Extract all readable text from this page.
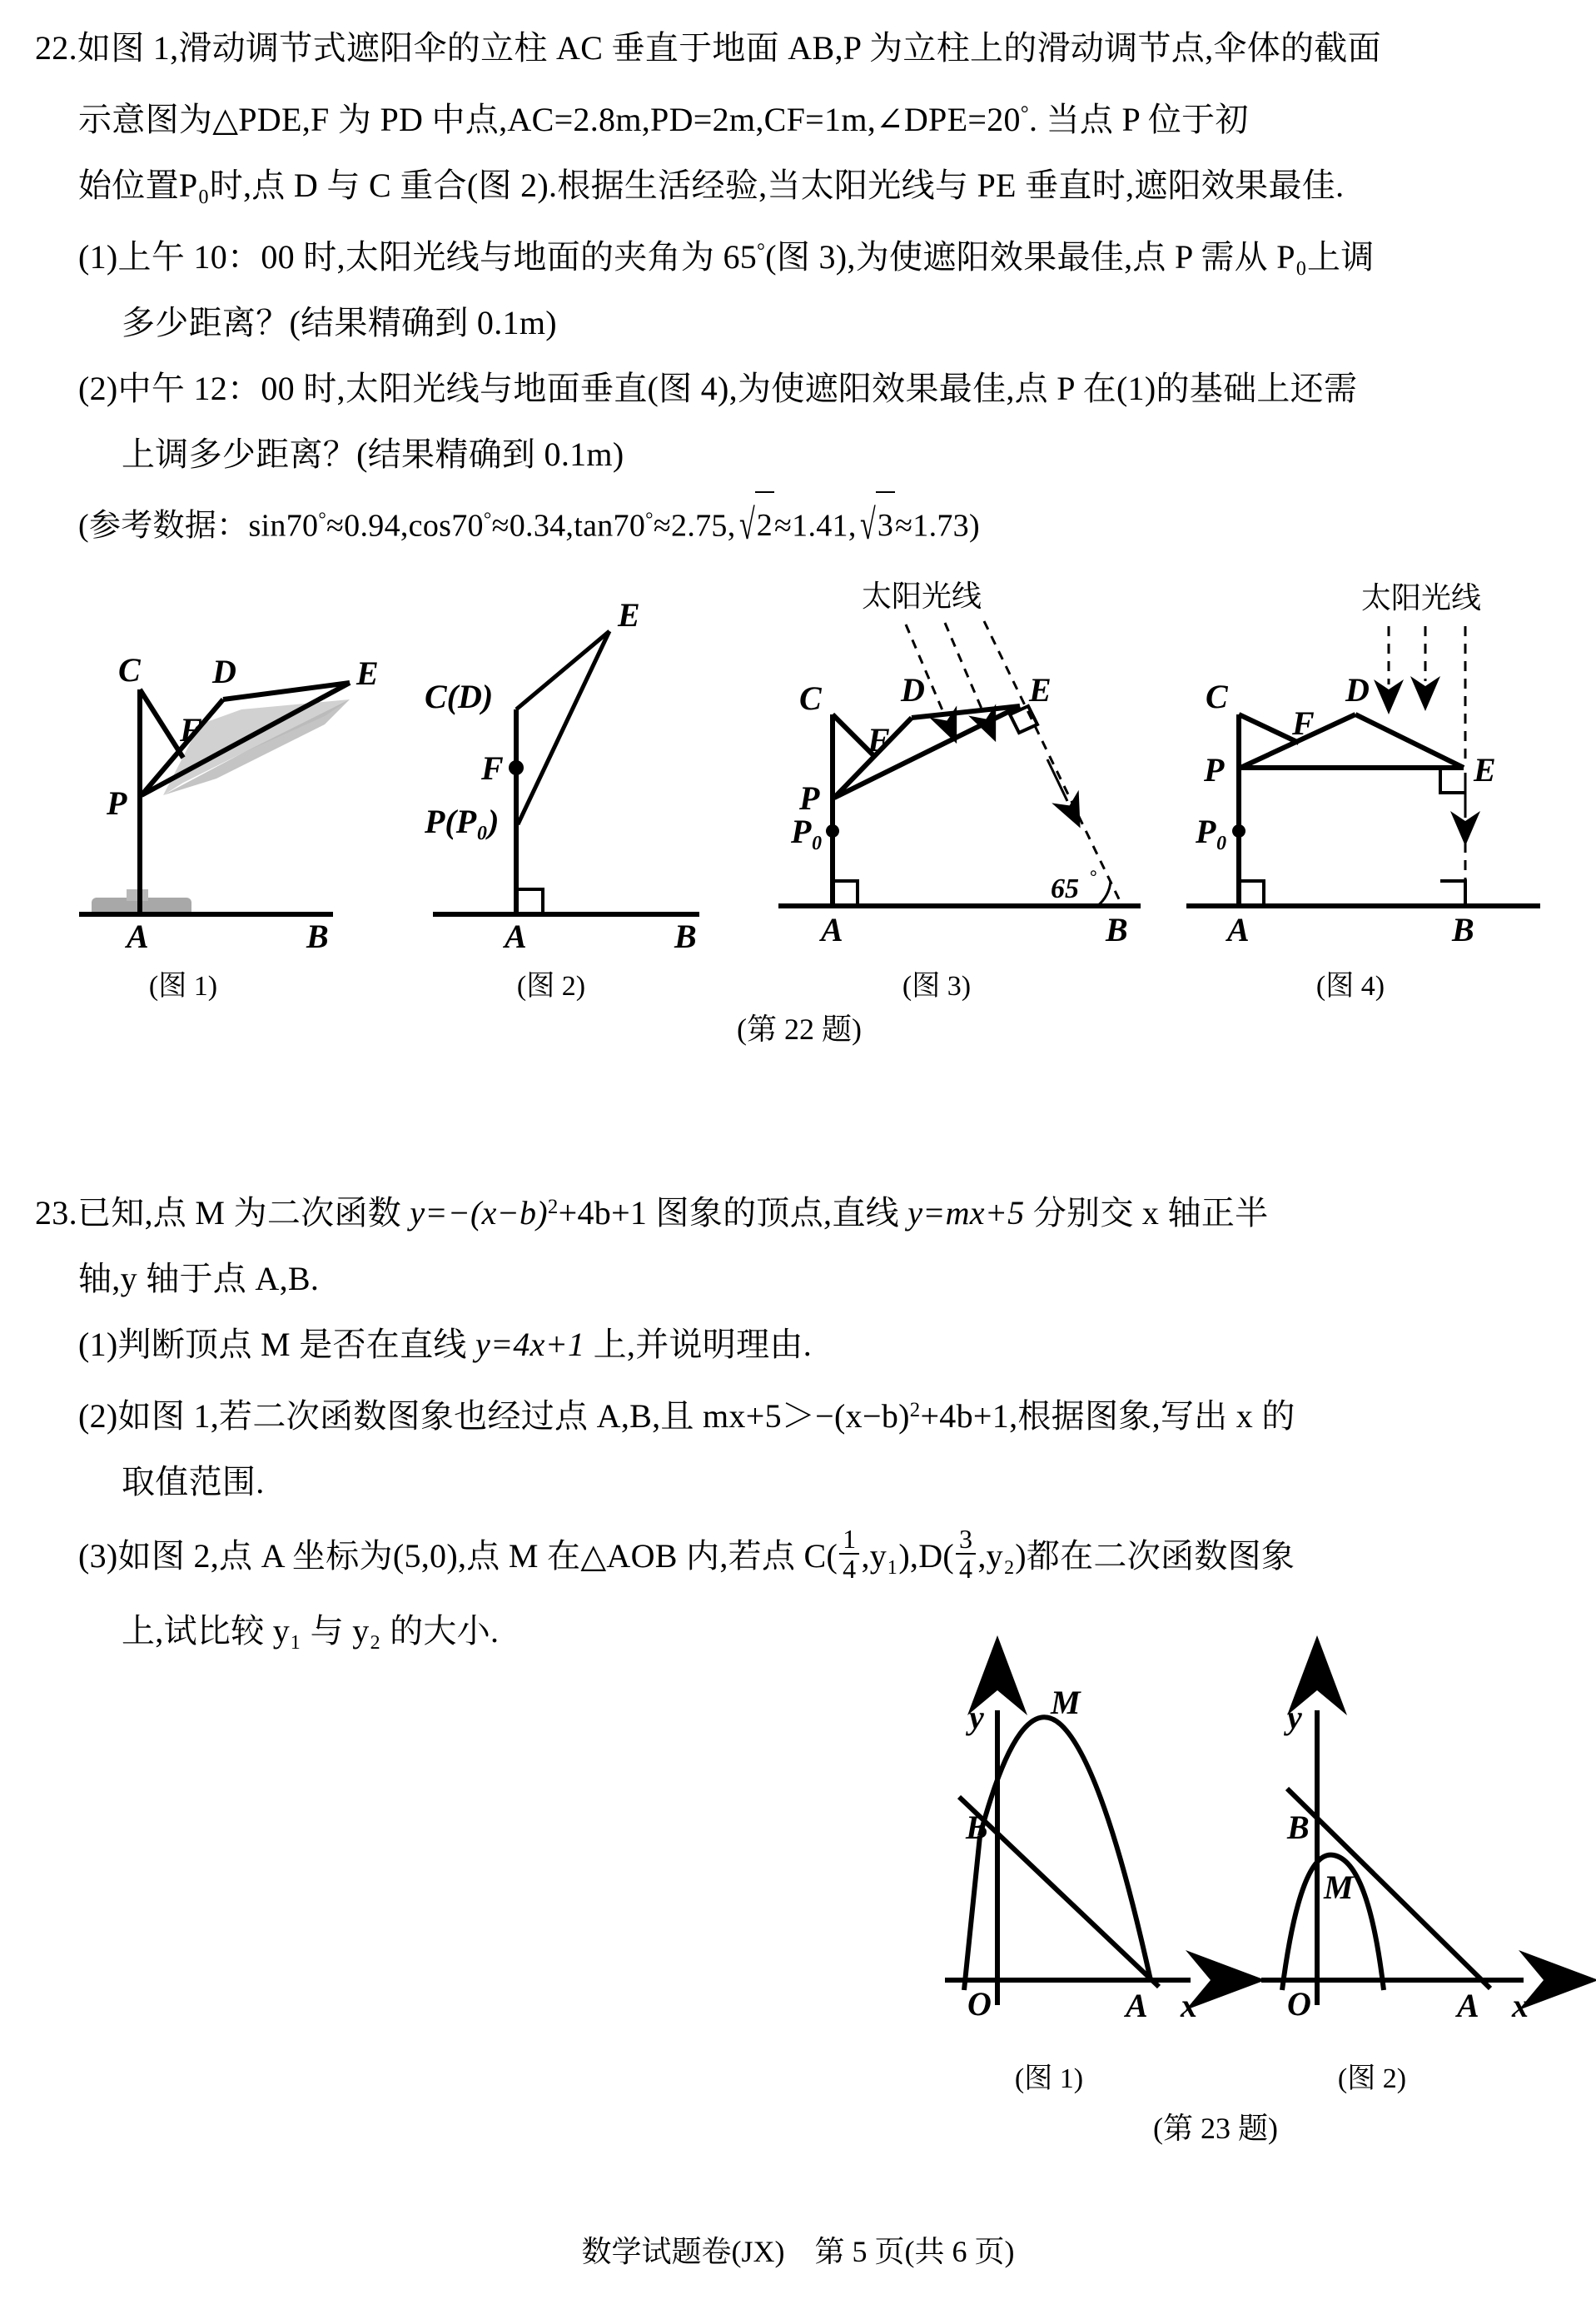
22.如图 1,滑动调节式遮阳伞的立柱 AC 垂直于地面 AB,P 为立柱上的滑动调节点,伞体的截面
示意图为△PDE,F 为 PD 中点,AC=2.8m,PD=2m,CF=1m,∠DPE=20°. 当点 P 位于初
始位置P₀时,点 D 与 C 重合(图 2).根据生活经验,当太阳光线与 PE 垂直时,遮阳效果最佳.
(1)上午 10：00 时,太阳光线与地面的夹角为 65°(图 3),为使遮阳效果最佳,点 P 需从 P₀上调
多少距离？(结果精确到 0.1m)
(2)中午 12：00 时,太阳光线与地面垂直(图 4),为使遮阳效果最佳,点 P 在(1)的基础上还需
上调多少距离？(结果精确到 0.1m)
(参考数据：sin70°≈0.94,cos70°≈0.34,tan70°≈2.75, √2≈1.41, √3≈1.73)
C D	E
F
P
A	B
(图 1)
C(D)
E
F
P(P₀)
A	B
(图 2)
太阳光线
65 °
C D	E
F
P
P₀
A	B
(图 3)
太阳光线
C	D
E
F
P
P₀
A	B
(图 4)
(第 22 题)
23.已知,点 M 为二次函数 $y=-(x-b)^2+4b+1$ 图象的顶点,直线 y=mx+5 分别交 x 轴正半
轴,y 轴于点 A,B.
(1)判断顶点 M 是否在直线 y=4x+1 上,并说明理由.
(2)如图 1,若二次函数图象也经过点 A,B,且 $mx+5>-(x-b)^2+4b+1$,根据图象,写出 x 的
取值范围.
(3)如图 2,点 A 坐标为(5,0),点 M 在△AOB 内,若点 $C( \frac{1}{4} ,y_1),D( \frac{3}{4} ,y_2)$都在二次函数图象
上,试比较 y₁ 与 y₂ 的大小.
y M
B
O	A x
(图 1)
y
B
M
O	A x
(图 2)
(第 23 题)
数学试题卷(JX)　第 5 页(共 6 页)
